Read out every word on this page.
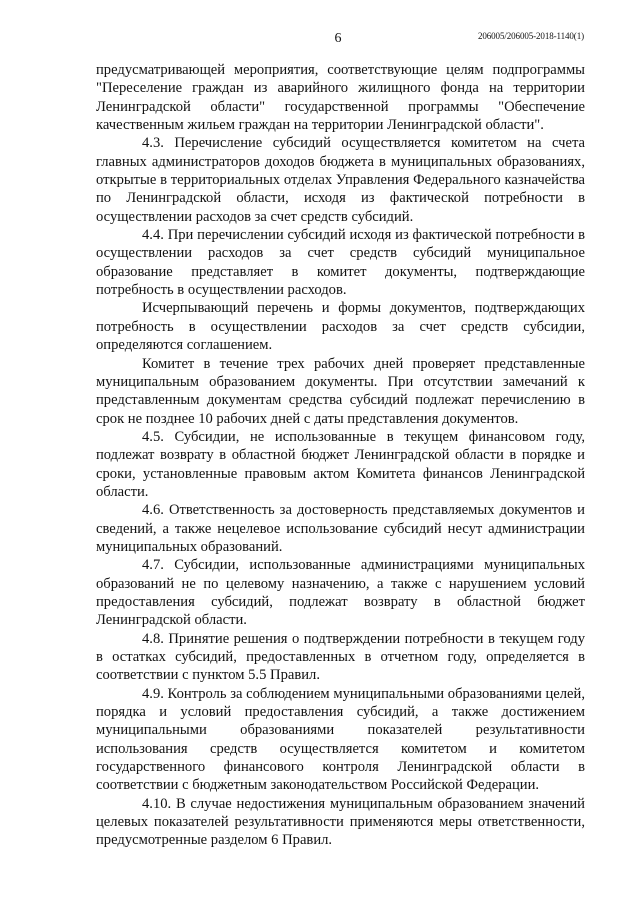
6	206005/206005-2018-1140(1)

предусматривающей мероприятия, соответствующие целям подпрограммы "Переселение граждан из аварийного жилищного фонда на территории Ленинградской области" государственной программы "Обеспечение качественным жильем граждан на территории Ленинградской области".

4.3. Перечисление субсидий осуществляется комитетом на счета главных администраторов доходов бюджета в муниципальных образованиях, открытые в территориальных отделах Управления Федерального казначейства по Ленинградской области, исходя из фактической потребности в осуществлении расходов за счет средств субсидий.

4.4. При перечислении субсидий исходя из фактической потребности в осуществлении расходов за счет средств субсидий муниципальное образование представляет в комитет документы, подтверждающие потребность в осуществлении расходов.

Исчерпывающий перечень и формы документов, подтверждающих потребность в осуществлении расходов за счет средств субсидии, определяются соглашением.

Комитет в течение трех рабочих дней проверяет представленные муниципальным образованием документы. При отсутствии замечаний к представленным документам средства субсидий подлежат перечислению в срок не позднее 10 рабочих дней с даты представления документов.

4.5. Субсидии, не использованные в текущем финансовом году, подлежат возврату в областной бюджет Ленинградской области в порядке и сроки, установленные правовым актом Комитета финансов Ленинградской области.

4.6. Ответственность за достоверность представляемых документов и сведений, а также нецелевое использование субсидий несут администрации муниципальных образований.

4.7. Субсидии, использованные администрациями муниципальных образований не по целевому назначению, а также с нарушением условий предоставления субсидий, подлежат возврату в областной бюджет Ленинградской области.

4.8. Принятие решения о подтверждении потребности в текущем году в остатках субсидий, предоставленных в отчетном году, определяется в соответствии с пунктом 5.5 Правил.

4.9. Контроль за соблюдением муниципальными образованиями целей, порядка и условий предоставления субсидий, а также достижением муниципальными образованиями показателей результативности использования средств осуществляется комитетом и комитетом государственного финансового контроля Ленинградской области в соответствии с бюджетным законодательством Российской Федерации.

4.10. В случае недостижения муниципальным образованием значений целевых показателей результативности применяются меры ответственности, предусмотренные разделом 6 Правил.
